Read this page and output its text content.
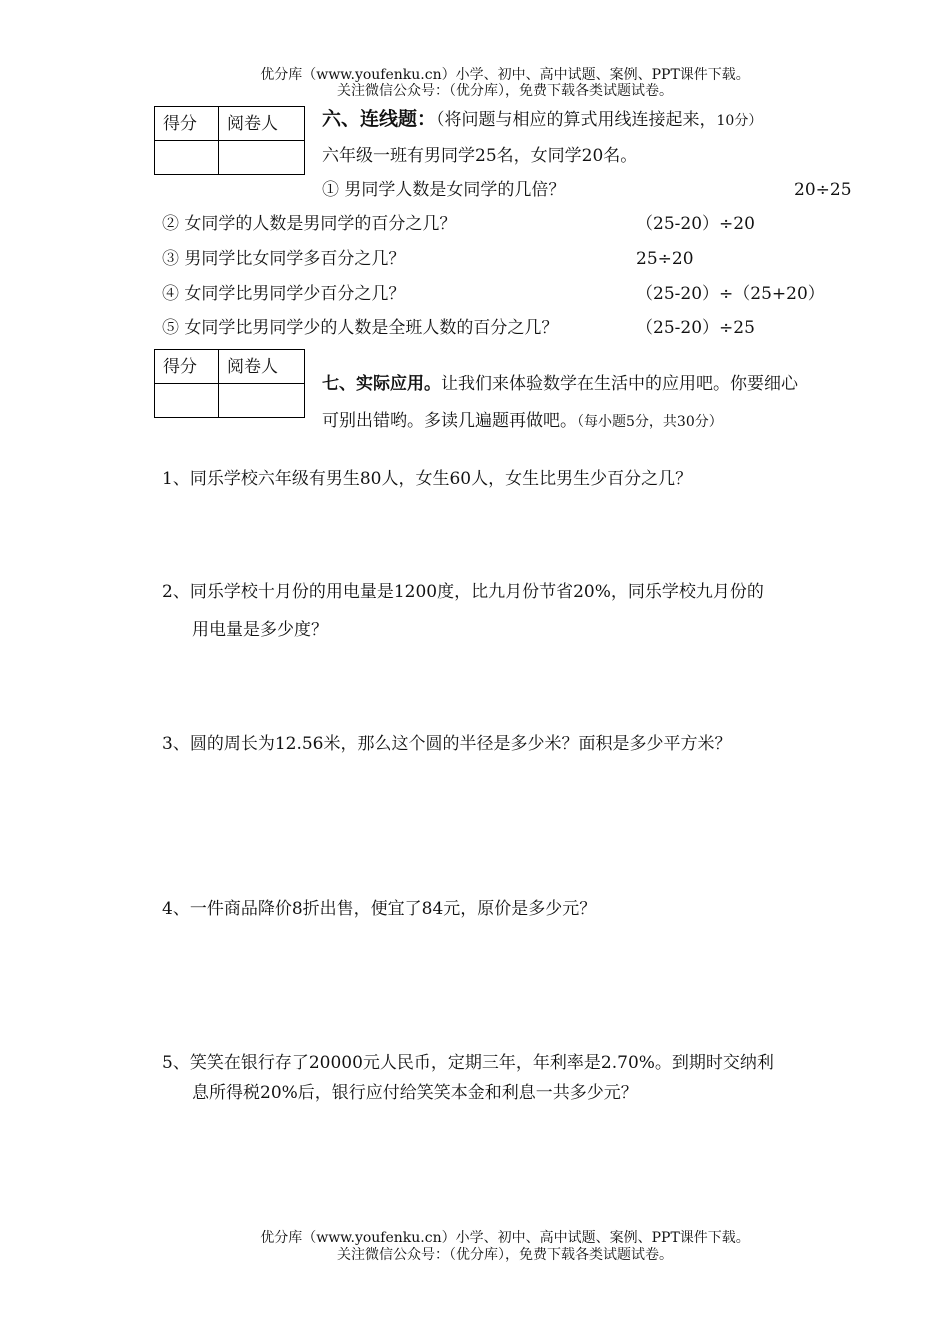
优分库（www.youfenku.cn）小学、初中、高中试题、案例、PPT课件下载。
关注微信公众号：（优分库），免费下载各类试题试卷。
得分	阅卷人
	六、连线题：（将问题与相应的算式用线连接起来，10分）
六年级一班有男同学25名，女同学20名。
① 男同学人数是女同学的几倍？	20÷25
② 女同学的人数是男同学的百分之几？	（25-20）÷20
③ 男同学比女同学多百分之几？	25÷20
④ 女同学比男同学少百分之几？	（25-20）÷（25+20）
⑤ 女同学比男同学少的人数是全班人数的百分之几？	（25-20）÷25
得分	阅卷人

七、实际应用。让我们来体验数学在生活中的应用吧。你要细心
可别出错哟。多读几遍题再做吧。（每小题5分，共30分）
1、同乐学校六年级有男生80人，女生60人，女生比男生少百分之几？
2、同乐学校十月份的用电量是1200度，比九月份节省20%，同乐学校九月份的
用电量是多少度？
3、圆的周长为12.56米，那么这个圆的半径是多少米？面积是多少平方米？
4、一件商品降价8折出售，便宜了84元，原价是多少元？
5、笑笑在银行存了20000元人民币，定期三年，年利率是2.70%。到期时交纳利
息所得税20%后，银行应付给笑笑本金和利息一共多少元？
优分库（www.youfenku.cn）小学、初中、高中试题、案例、PPT课件下载。
关注微信公众号：（优分库），免费下载各类试题试卷。
